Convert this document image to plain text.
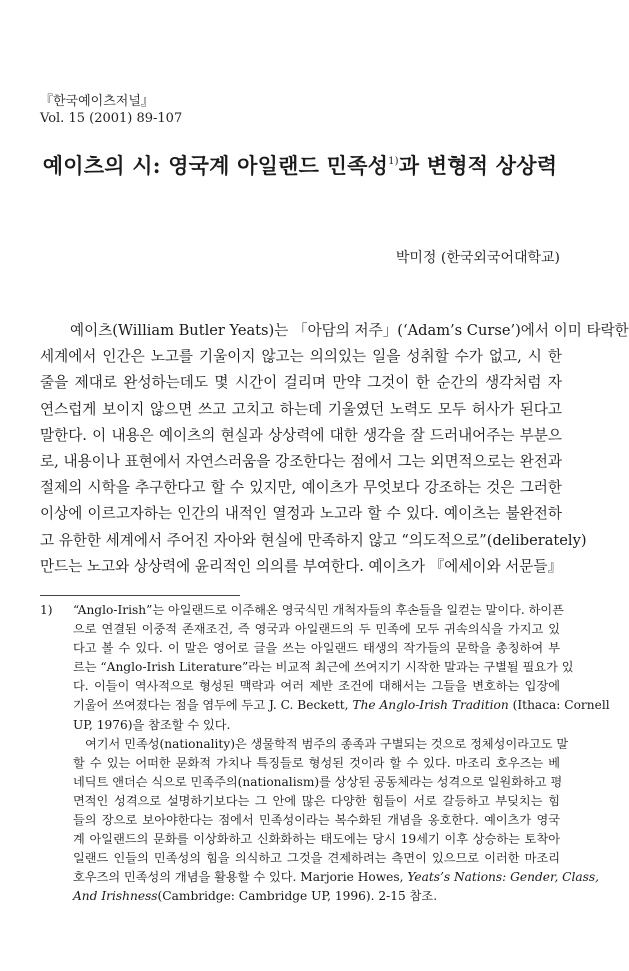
『한국예이츠저널』
Vol. 15 (2001) 89-107
예이츠의 시: 영국계 아일랜드 민족성$^{1)}$과 변형적 상상력
박미정 (한국외국어대학교)
예이츠(William Butler Yeats)는 「아담의 저주」(‘Adam’s Curse’)에서 이미 타락한
세계에서 인간은 노고를 기울이지 않고는 의의있는 일을 성취할 수가 없고, 시 한
줄을 제대로 완성하는데도 몇 시간이 걸리며 만약 그것이 한 순간의 생각처럼 자
연스럽게 보이지 않으면 쓰고 고치고 하는데 기울였던 노력도 모두 허사가 된다고
말한다. 이 내용은 예이츠의 현실과 상상력에 대한 생각을 잘 드러내어주는 부분으
로, 내용이나 표현에서 자연스러움을 강조한다는 점에서 그는 외면적으로는 완전과
절제의 시학을 추구한다고 할 수 있지만, 예이츠가 무엇보다 강조하는 것은 그러한
이상에 이르고자하는 인간의 내적인 열정과 노고라 할 수 있다. 예이츠는 불완전하
고 유한한 세계에서 주어진 자아와 현실에 만족하지 않고 “의도적으로”(deliberately)
만드는 노고와 상상력에 윤리적인 의의를 부여한다. 예이츠가 『에세이와 서문들』
1) “Anglo-Irish”는 아일랜드로 이주해온 영국식민 개척자들의 후손들을 일컫는 말이다. 하이픈
으로 연결된 이중적 존재조건, 즉 영국과 아일랜드의 두 민족에 모두 귀속의식을 가지고 있
다고 볼 수 있다. 이 말은 영어로 글을 쓰는 아일랜드 태생의 작가들의 문학을 총칭하여 부
르는 “Anglo-Irish Literature”라는 비교적 최근에 쓰여지기 시작한 말과는 구별될 필요가 있
다. 이들이 역사적으로 형성된 맥락과 여러 제반 조건에 대해서는 그들을 변호하는 입장에
기울어 쓰여졌다는 점을 염두에 두고 J. C. Beckett, The Anglo-Irish Tradition (Ithaca: Cornell
UP, 1976)을 참조할 수 있다.
여기서 민족성(nationality)은 생물학적 범주의 종족과 구별되는 것으로 정체성이라고도 말
할 수 있는 어떠한 문화적 가치나 특징들로 형성된 것이라 할 수 있다. 마조리 호우즈는 베
네딕트 앤더슨 식으로 민족주의(nationalism)를 상상된 공동체라는 성격으로 일원화하고 평
면적인 성격으로 설명하기보다는 그 안에 많은 다양한 힘들이 서로 갈등하고 부딪치는 힘
들의 장으로 보아야한다는 점에서 민족성이라는 복수화된 개념을 옹호한다. 예이츠가 영국
계 아일랜드의 문화를 이상화하고 신화화하는 태도에는 당시 19세기 이후 상승하는 토착아
일랜드 인들의 민족성의 힘을 의식하고 그것을 견제하려는 측면이 있으므로 이러한 마조리
호우즈의 민족성의 개념을 활용할 수 있다. Marjorie Howes, Yeats’s Nations: Gender, Class,
And Irishness(Cambridge: Cambridge UP, 1996). 2-15 참조.
